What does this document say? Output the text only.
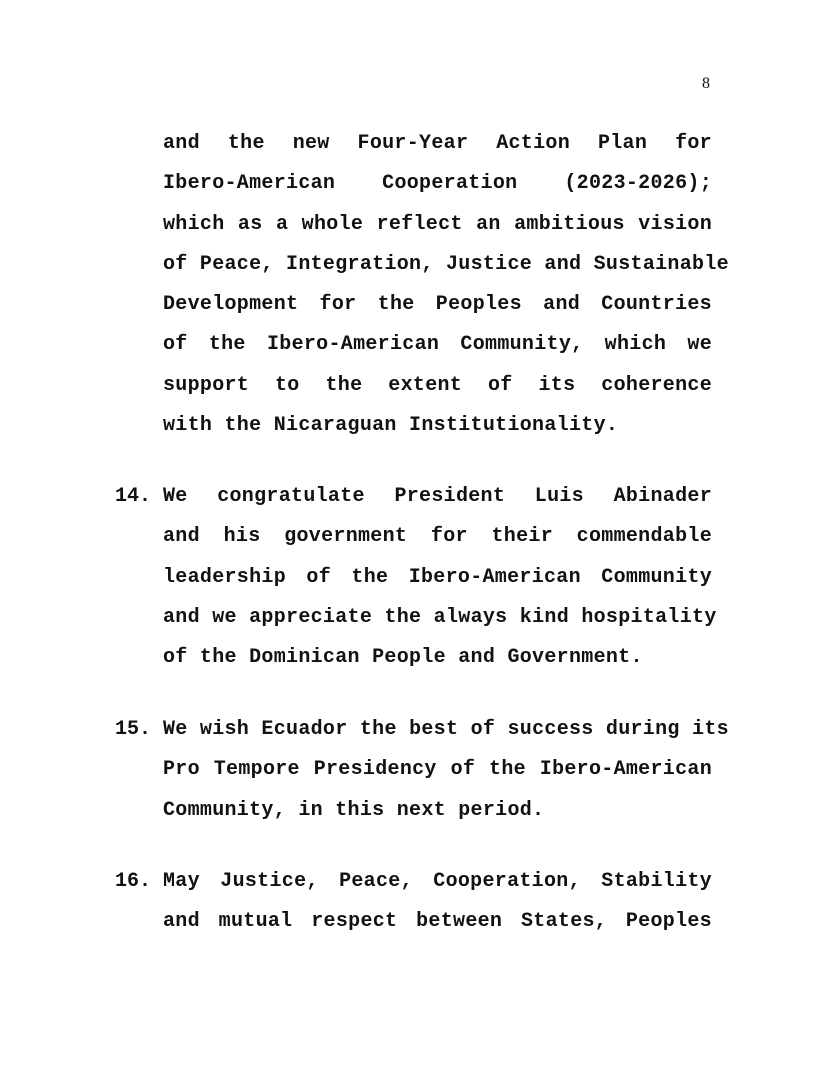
8
and the new Four-Year Action Plan for
Ibero-American Cooperation (2023-2026);
which as a whole reflect an ambitious vision
of Peace, Integration, Justice and Sustainable
Development for the Peoples and Countries
of the Ibero-American Community, which we
support to the extent of its coherence
with the Nicaraguan Institutionality.
14. We congratulate President Luis Abinader
and his government for their commendable
leadership of the Ibero-American Community
and we appreciate the always kind hospitality
of the Dominican People and Government.
15. We wish Ecuador the best of success during its
Pro Tempore Presidency of the Ibero-American
Community, in this next period.
16. May Justice, Peace, Cooperation, Stability
and mutual respect between States, Peoples
